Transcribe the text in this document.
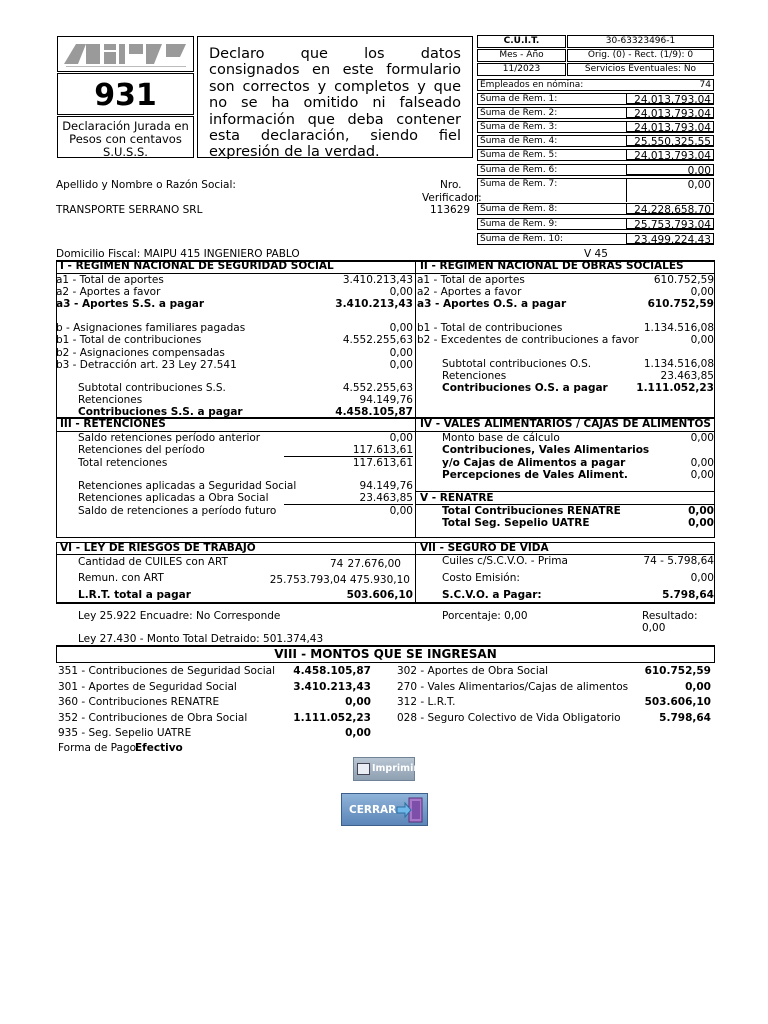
931
Declaración Jurada en
Pesos con centavos
S.U.S.S.
Declaro que los datos consignados en este formulario son correctos y completos y que no se ha omitido ni falseado información que deba contener esta declaración, siendo fiel expresión de la verdad.
C.U.I.T.	30-63323496-1
Mes - Año	Orig. (0) - Rect. (1/9): 0
11/2023	Servicios Eventuales: No
Empleados en nómina:	74
Suma de Rem. 1:	24.013.793,04
Suma de Rem. 2:	24.013.793,04
Suma de Rem. 3:	24.013.793,04
Suma de Rem. 4:	25.550.325,55
Suma de Rem. 5:	24.013.793,04
Suma de Rem. 6:	0,00
Suma de Rem. 7:	0,00
Suma de Rem. 8:	24.228.658,70
Suma de Rem. 9:	25.753.793,04
Suma de Rem. 10:	23.499.224,43
Apellido y Nombre o Razón Social:
TRANSPORTE SERRANO SRL
Nro.
Verificador:
113629
Domicilio Fiscal: MAIPU 415 INGENIERO PABLO	V 45
I - REGIMEN NACIONAL DE SEGURIDAD SOCIAL
a1 - Total de aportes	3.410.213,43
a2 - Aportes a favor	0,00
a3 - Aportes S.S. a pagar	3.410.213,43
b - Asignaciones familiares pagadas	0,00
b1 - Total de contribuciones	4.552.255,63
b2 - Asignaciones compensadas	0,00
b3 - Detracción art. 23 Ley 27.541	0,00
Subtotal contribuciones S.S.	4.552.255,63
Retenciones	94.149,76
Contribuciones S.S. a pagar	4.458.105,87
II - REGIMEN NACIONAL DE OBRAS SOCIALES
a1 - Total de aportes	610.752,59
a2 - Aportes a favor	0,00
a3 - Aportes O.S. a pagar	610.752,59
b1 - Total de contribuciones	1.134.516,08
b2 - Excedentes de contribuciones a favor	0,00
Subtotal contribuciones O.S.	1.134.516,08
Retenciones	23.463,85
Contribuciones O.S. a pagar	1.111.052,23
III - RETENCIONES
Saldo retenciones período anterior	0,00
Retenciones del período	117.613,61
Total retenciones	117.613,61
Retenciones aplicadas a Seguridad Social	94.149,76
Retenciones aplicadas a Obra Social	23.463,85
Saldo de retenciones a período futuro	0,00
IV - VALES ALIMENTARIOS / CAJAS DE ALIMENTOS
Monto base de cálculo	0,00
Contribuciones, Vales Alimentarios
y/o Cajas de Alimentos a pagar	0,00
Percepciones de Vales Aliment.	0,00
V - RENATRE
Total Contribuciones RENATRE	0,00
Total Seg. Sepelio UATRE	0,00
VI - LEY DE RIESGOS DE TRABAJO
Cantidad de CUILES con ART	74 27.676,00
Remun. con ART	25.753.793,04 475.930,10
L.R.T. total a pagar	503.606,10
VII - SEGURO DE VIDA
Cuiles c/S.C.V.O. - Prima	74 - 5.798,64
Costo Emisión:	0,00
S.C.V.O. a Pagar:	5.798,64
Ley 25.922 Encuadre: No Corresponde	Porcentaje: 0,00	Resultado:
0,00
Ley 27.430 - Monto Total Detraido: 501.374,43
VIII - MONTOS QUE SE INGRESAN
351 - Contribuciones de Seguridad Social 4.458.105,87
301 - Aportes de Seguridad Social	3.410.213,43
360 - Contribuciones RENATRE	0,00
352 - Contribuciones de Obra Social	1.111.052,23
935 - Seg. Sepelio UATRE	0,00
302 - Aportes de Obra Social	610.752,59
270 - Vales Alimentarios/Cajas de alimentos	0,00
312 - L.R.T.	503.606,10
028 - Seguro Colectivo de Vida Obligatorio	5.798,64
Forma de Pago:
Efectivo
Imprimir
CERRAR
